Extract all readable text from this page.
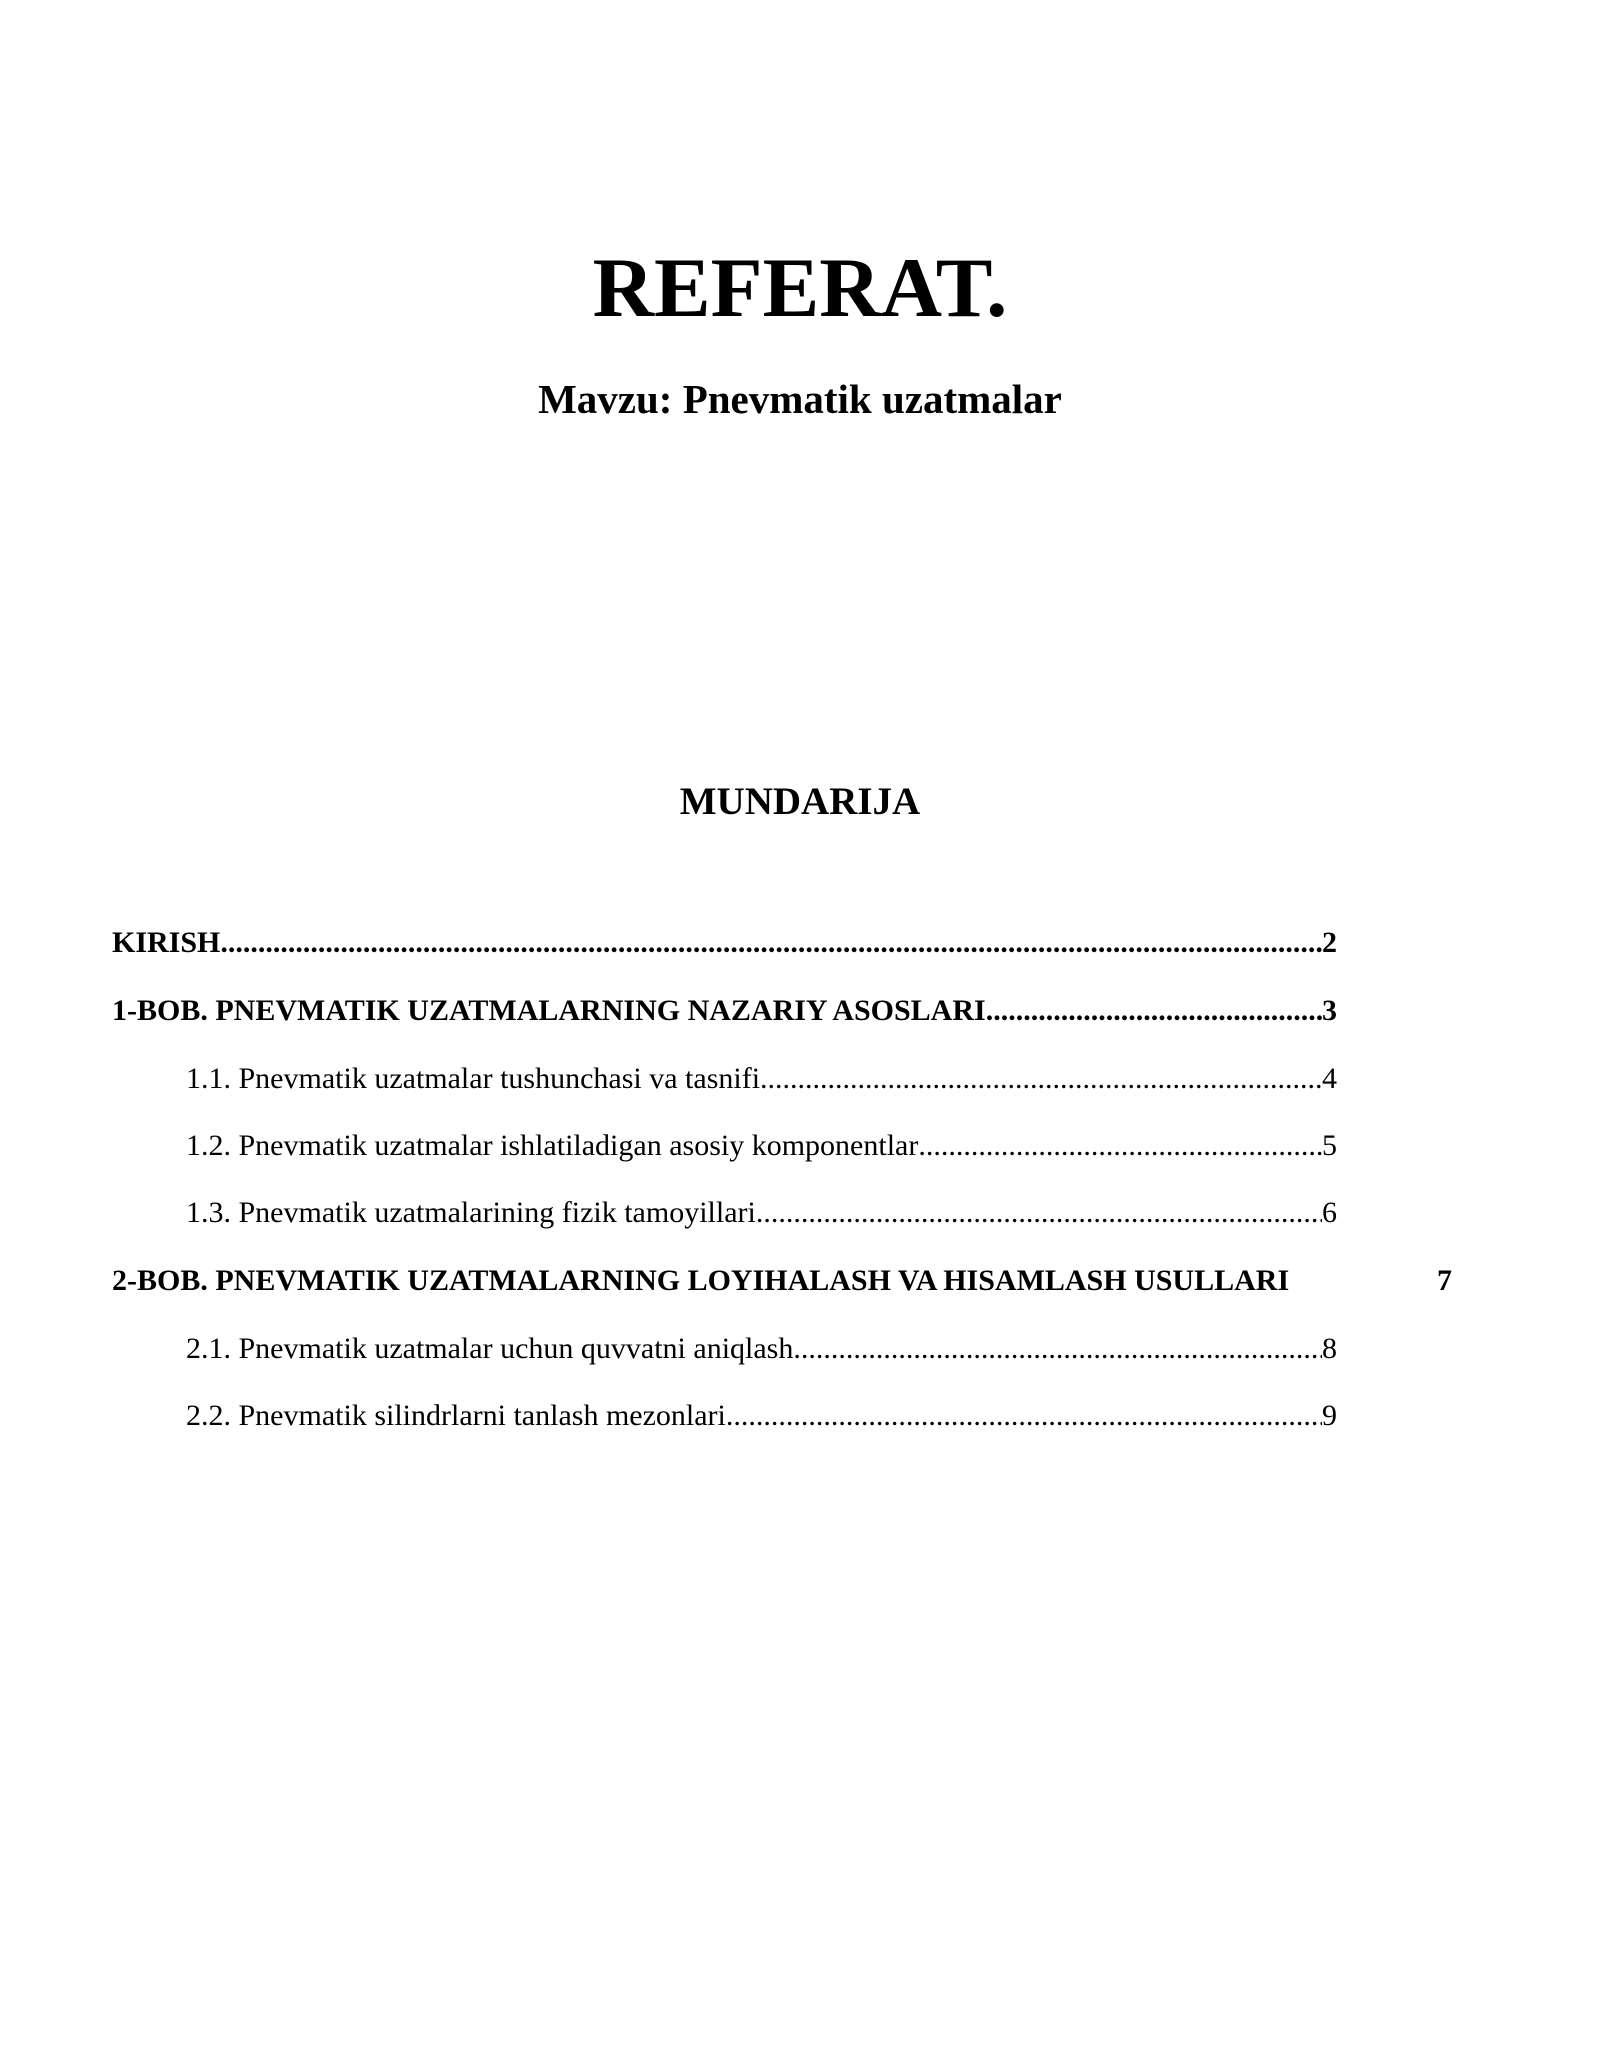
REFERAT.
Mavzu: Pnevmatik uzatmalar
MUNDARIJA
KIRISH .....	2
1-BOB. PNEVMATIK UZATMALARNING NAZARIY ASOSLARI .....	3
1.1. Pnevmatik uzatmalar tushunchasi va tasnifi .....	4
1.2. Pnevmatik uzatmalar ishlatiladigan asosiy komponentlar .....	5
1.3. Pnevmatik uzatmalarining fizik tamoyillari .....	6
2-BOB. PNEVMATIK UZATMALARNING LOYIHALASH VA HISAMLASH USULLARI	7
2.1. Pnevmatik uzatmalar uchun quvvatni aniqlash .....	8
2.2. Pnevmatik silindrlarni tanlash mezonlari .....	9
